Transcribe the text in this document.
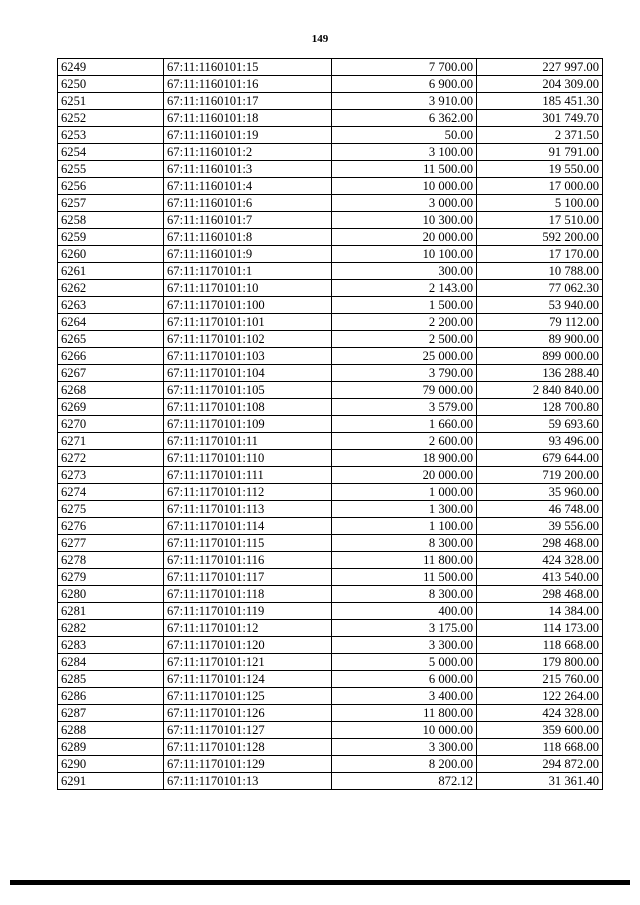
149
6249	67:11:1160101:15	7 700.00	227 997.00
6250	67:11:1160101:16	6 900.00	204 309.00
6251	67:11:1160101:17	3 910.00	185 451.30
6252	67:11:1160101:18	6 362.00	301 749.70
6253	67:11:1160101:19	50.00	2 371.50
6254	67:11:1160101:2	3 100.00	91 791.00
6255	67:11:1160101:3	11 500.00	19 550.00
6256	67:11:1160101:4	10 000.00	17 000.00
6257	67:11:1160101:6	3 000.00	5 100.00
6258	67:11:1160101:7	10 300.00	17 510.00
6259	67:11:1160101:8	20 000.00	592 200.00
6260	67:11:1160101:9	10 100.00	17 170.00
6261	67:11:1170101:1	300.00	10 788.00
6262	67:11:1170101:10	2 143.00	77 062.30
6263	67:11:1170101:100	1 500.00	53 940.00
6264	67:11:1170101:101	2 200.00	79 112.00
6265	67:11:1170101:102	2 500.00	89 900.00
6266	67:11:1170101:103	25 000.00	899 000.00
6267	67:11:1170101:104	3 790.00	136 288.40
6268	67:11:1170101:105	79 000.00	2 840 840.00
6269	67:11:1170101:108	3 579.00	128 700.80
6270	67:11:1170101:109	1 660.00	59 693.60
6271	67:11:1170101:11	2 600.00	93 496.00
6272	67:11:1170101:110	18 900.00	679 644.00
6273	67:11:1170101:111	20 000.00	719 200.00
6274	67:11:1170101:112	1 000.00	35 960.00
6275	67:11:1170101:113	1 300.00	46 748.00
6276	67:11:1170101:114	1 100.00	39 556.00
6277	67:11:1170101:115	8 300.00	298 468.00
6278	67:11:1170101:116	11 800.00	424 328.00
6279	67:11:1170101:117	11 500.00	413 540.00
6280	67:11:1170101:118	8 300.00	298 468.00
6281	67:11:1170101:119	400.00	14 384.00
6282	67:11:1170101:12	3 175.00	114 173.00
6283	67:11:1170101:120	3 300.00	118 668.00
6284	67:11:1170101:121	5 000.00	179 800.00
6285	67:11:1170101:124	6 000.00	215 760.00
6286	67:11:1170101:125	3 400.00	122 264.00
6287	67:11:1170101:126	11 800.00	424 328.00
6288	67:11:1170101:127	10 000.00	359 600.00
6289	67:11:1170101:128	3 300.00	118 668.00
6290	67:11:1170101:129	8 200.00	294 872.00
6291	67:11:1170101:13	872.12	31 361.40
